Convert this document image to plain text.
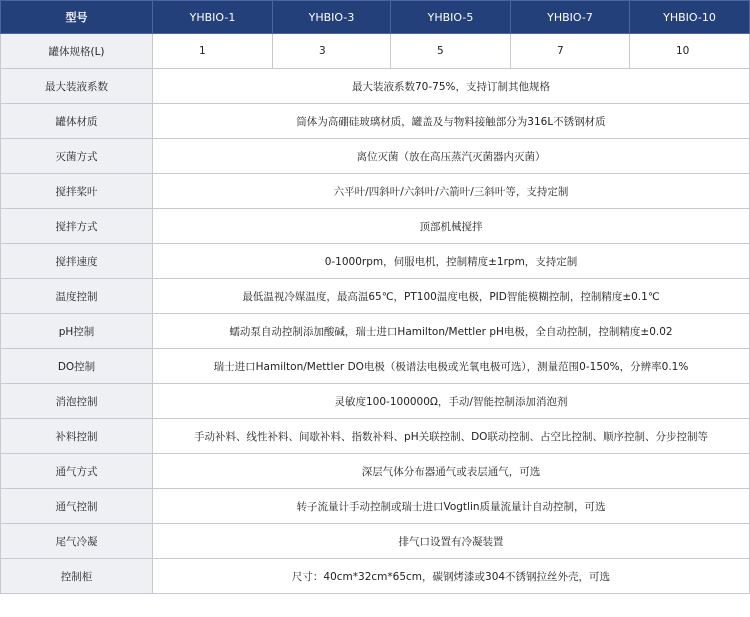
型号	YHBIO-1	YHBIO-3	YHBIO-5	YHBIO-7	YHBIO-10
罐体规格(L)	1	3	5	7	10
最大装液系数	最大装液系数70-75%，支持订制其他规格				
罐体材质	筒体为高硼硅玻璃材质，罐盖及与物料接触部分为316L不锈钢材质				
灭菌方式	离位灭菌（放在高压蒸汽灭菌器内灭菌）				
搅拌桨叶	六平叶/四斜叶/六斜叶/六箭叶/三斜叶等，支持定制				
搅拌方式	顶部机械搅拌				
搅拌速度	0-1000rpm，伺服电机，控制精度±1rpm，支持定制				
温度控制	最低温视冷媒温度，最高温65℃，PT100温度电极，PID智能模糊控制，控制精度±0.1℃				
pH控制	蠕动泵自动控制添加酸碱，瑞士进口Hamilton/Mettler pH电极，全自动控制，控制精度±0.02				
DO控制	瑞士进口Hamilton/Mettler DO电极（极谱法电极或光氧电极可选），测量范围0-150%，分辨率0.1%				
消泡控制	灵敏度100-100000Ω，手动/智能控制添加消泡剂				
补料控制	手动补料、线性补料、间歇补料、指数补料、pH关联控制、DO联动控制、占空比控制、顺序控制、分步控制等				
通气方式	深层气体分布器通气或表层通气，可选				
通气控制	转子流量计手动控制或瑞士进口Vogtlin质量流量计自动控制，可选				
尾气冷凝	排气口设置有冷凝装置				
控制柜	尺寸：40cm*32cm*65cm，碳钢烤漆或304不锈钢拉丝外壳，可选				
